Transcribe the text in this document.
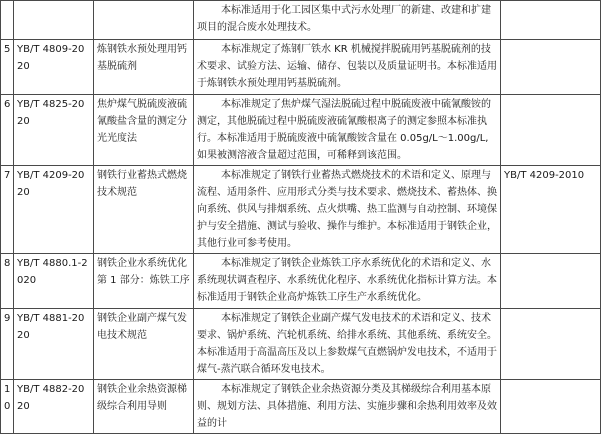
			本标准适用于化工园区集中式污水处理厂的新建、改建和扩建项目的混合废水处理技术。	
5	YB/T 4809-2020	炼钢铁水预处理用钙基脱硫剂	本标准规定了炼钢厂铁水 KR 机械搅拌脱硫用钙基脱硫剂的技术要求、试验方法、运输、储存、包装以及质量证明书。本标准适用于炼钢铁水预处理用钙基脱硫剂。	
6	YB/T 4825-2020	焦炉煤气脱硫废液硫氰酸盐含量的测定分光光度法	本标准规定了焦炉煤气湿法脱硫过程中脱硫废液中硫氰酸铵的测定，其他脱硫过程中脱硫废液硫氰酸根离子的测定参照本标准执行。本标准适用于脱硫废液中硫氰酸铵含量在 0.05g/L～1.00g/L,如果被测溶液含量超过范围，可稀释到该范围。	
7	YB/T 4209-2020	钢铁行业蓄热式燃烧技术规范	本标准规定了钢铁行业蓄热式燃烧技术的术语和定义、原理与流程、适用条件、应用形式分类与技术要求、燃烧技术、蓄热体、换向系统、供风与排烟系统、点火烘嘴、热工监测与自动控制、环境保护与安全措施、测试与验收、操作与维护。本标准适用于钢铁企业，其他行业可参考使用。	YB/T 4209-2010
8	YB/T 4880.1-2020	钢铁企业水系统优化 第 1 部分：炼铁工序	本标准规定了钢铁企业炼铁工序水系统优化的术语和定义、水系统现状调查程序、水系统优化程序、水系统优化指标计算方法。本标准适用于钢铁企业高炉炼铁工序生产水系统优化。	
9	YB/T 4881-2020	钢铁企业副产煤气发电技术规范	本标准规定了钢铁企业副产煤气发电技术的术语和定义、技术要求、锅炉系统、汽轮机系统、给排水系统、其他系统、系统安全。本标准适用于高温高压及以上参数煤气直燃锅炉发电技术，不适用于煤气-蒸汽联合循环发电技术。	
10	YB/T 4882-2020	钢铁企业余热资源梯级综合利用导则	本标准规定了钢铁企业余热资源分类及其梯级综合利用基本原则、规划方法、具体措施、利用方法、实施步骤和余热利用效率及效益的计	
